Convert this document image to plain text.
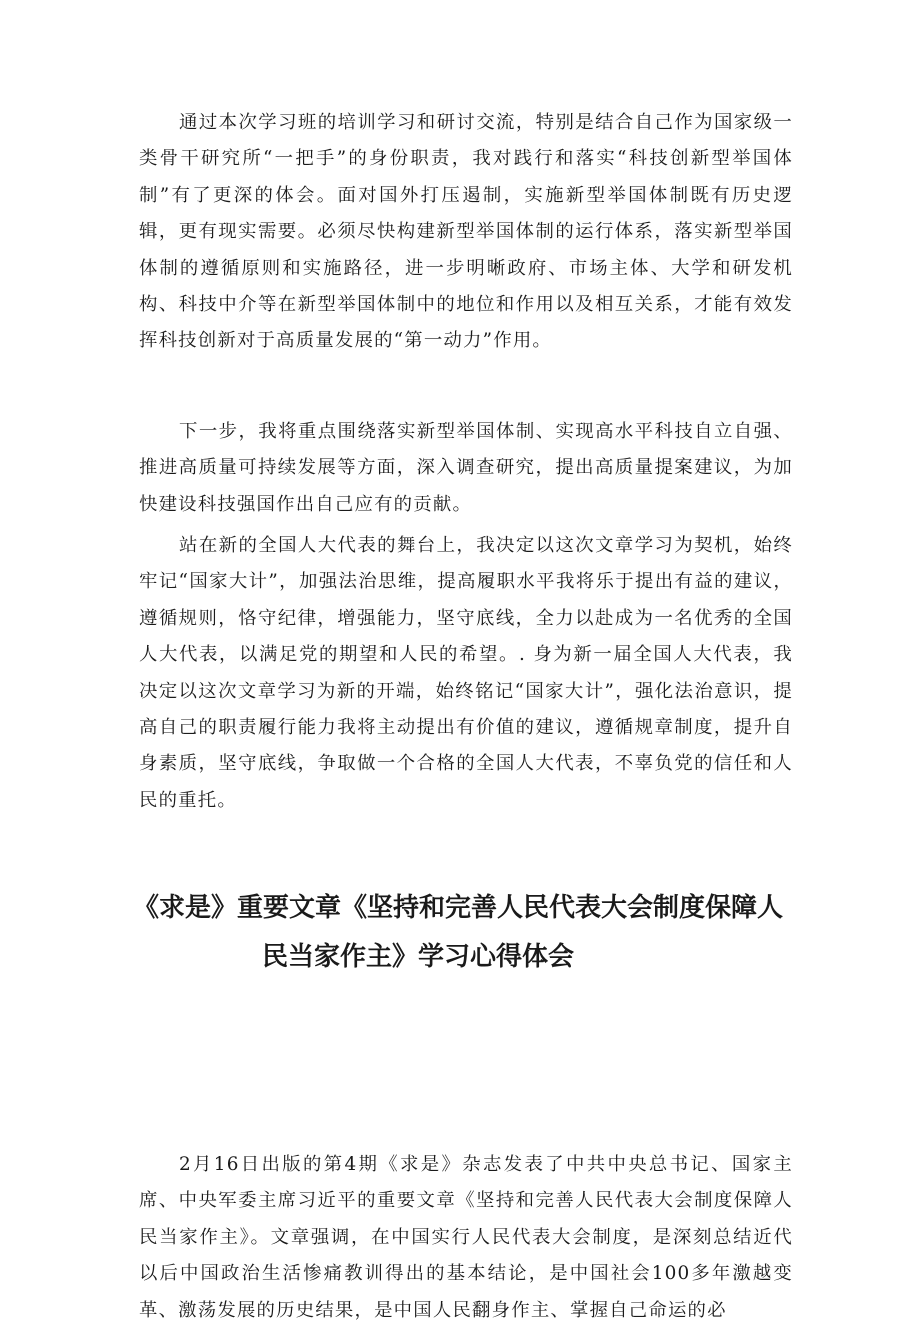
通过本次学习班的培训学习和研讨交流，特别是结合自己作为国家级一类骨干研究所“一把手”的身份职责，我对践行和落实“科技创新型举国体制”有了更深的体会。面对国外打压遏制，实施新型举国体制既有历史逻辑，更有现实需要。必须尽快构建新型举国体制的运行体系，落实新型举国体制的遵循原则和实施路径，进一步明晰政府、市场主体、大学和研发机构、科技中介等在新型举国体制中的地位和作用以及相互关系，才能有效发挥科技创新对于高质量发展的“第一动力”作用。

下一步，我将重点围绕落实新型举国体制、实现高水平科技自立自强、推进高质量可持续发展等方面，深入调查研究，提出高质量提案建议，为加快建设科技强国作出自己应有的贡献。

站在新的全国人大代表的舞台上，我决定以这次文章学习为契机，始终牢记“国家大计”，加强法治思维，提高履职水平我将乐于提出有益的建议，遵循规则，恪守纪律，增强能力，坚守底线，全力以赴成为一名优秀的全国人大代表，以满足党的期望和人民的希望。. 身为新一届全国人大代表，我决定以这次文章学习为新的开端，始终铭记“国家大计”，强化法治意识，提高自己的职责履行能力我将主动提出有价值的建议，遵循规章制度，提升自身素质，坚守底线，争取做一个合格的全国人大代表，不辜负党的信任和人民的重托。

《求是》重要文章《坚持和完善人民代表大会制度保障人
民当家作主》学习心得体会

2月16日出版的第4期《求是》杂志发表了中共中央总书记、国家主席、中央军委主席习近平的重要文章《坚持和完善人民代表大会制度保障人民当家作主》。文章强调，在中国实行人民代表大会制度，是深刻总结近代以后中国政治生活惨痛教训得出的基本结论，是中国社会100多年激越变革、激荡发展的历史结果，是中国人民翻身作主、掌握自己命运的必
